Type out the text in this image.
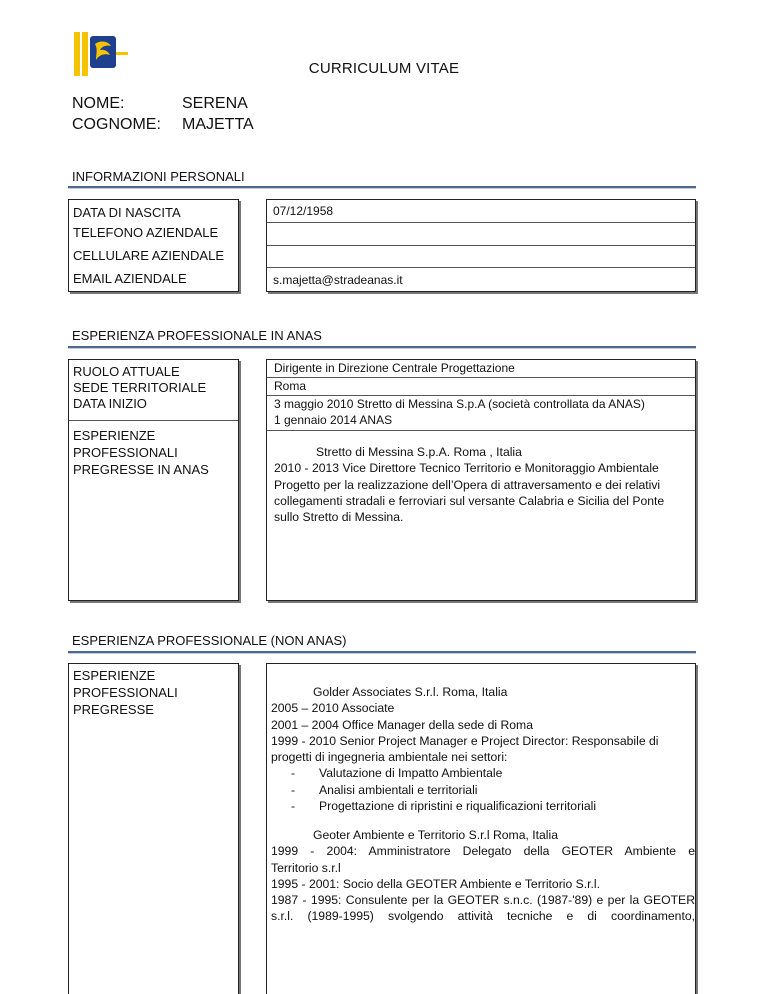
CURRICULUM VITAE
NOME:	SERENA
COGNOME: MAJETTA
INFORMAZIONI PERSONALI
DATA DI NASCITA
TELEFONO AZIENDALE
CELLULARE AZIENDALE
EMAIL AZIENDALE
07/12/1958
s.majetta@stradeanas.it
ESPERIENZA PROFESSIONALE IN ANAS
RUOLO ATTUALE
SEDE TERRITORIALE
DATA INIZIO
ESPERIENZE
PROFESSIONALI
PREGRESSE IN ANAS
Dirigente in Direzione Centrale Progettazione
Roma
3 maggio 2010 Stretto di Messina S.p.A (società controllata da ANAS)
1 gennaio 2014 ANAS
Stretto di Messina S.p.A. Roma , Italia
2010 - 2013 Vice Direttore Tecnico Territorio e Monitoraggio Ambientale
Progetto per la realizzazione dell’Opera di attraversamento e dei relativi
collegamenti stradali e ferroviari sul versante Calabria e Sicilia del Ponte
sullo Stretto di Messina.
ESPERIENZA PROFESSIONALE (NON ANAS)
ESPERIENZE
PROFESSIONALI
PREGRESSE
Golder Associates S.r.l. Roma, Italia
2005 – 2010 Associate
2001 – 2004 Office Manager della sede di Roma
1999 - 2010 Senior Project Manager e Project Director: Responsabile di
progetti di ingegneria ambientale nei settori:
- Valutazione di Impatto Ambientale
- Analisi ambientali e territoriali
- Progettazione di ripristini e riqualificazioni territoriali
Geoter Ambiente e Territorio S.r.l Roma, Italia
1999 - 2004: Amministratore Delegato della GEOTER Ambiente e
Territorio s.r.l
1995 - 2001: Socio della GEOTER Ambiente e Territorio S.r.l.
1987 - 1995: Consulente per la GEOTER s.n.c. (1987-'89) e per la GEOTER
s.r.l. (1989-1995) svolgendo attività tecniche e di coordinamento,
